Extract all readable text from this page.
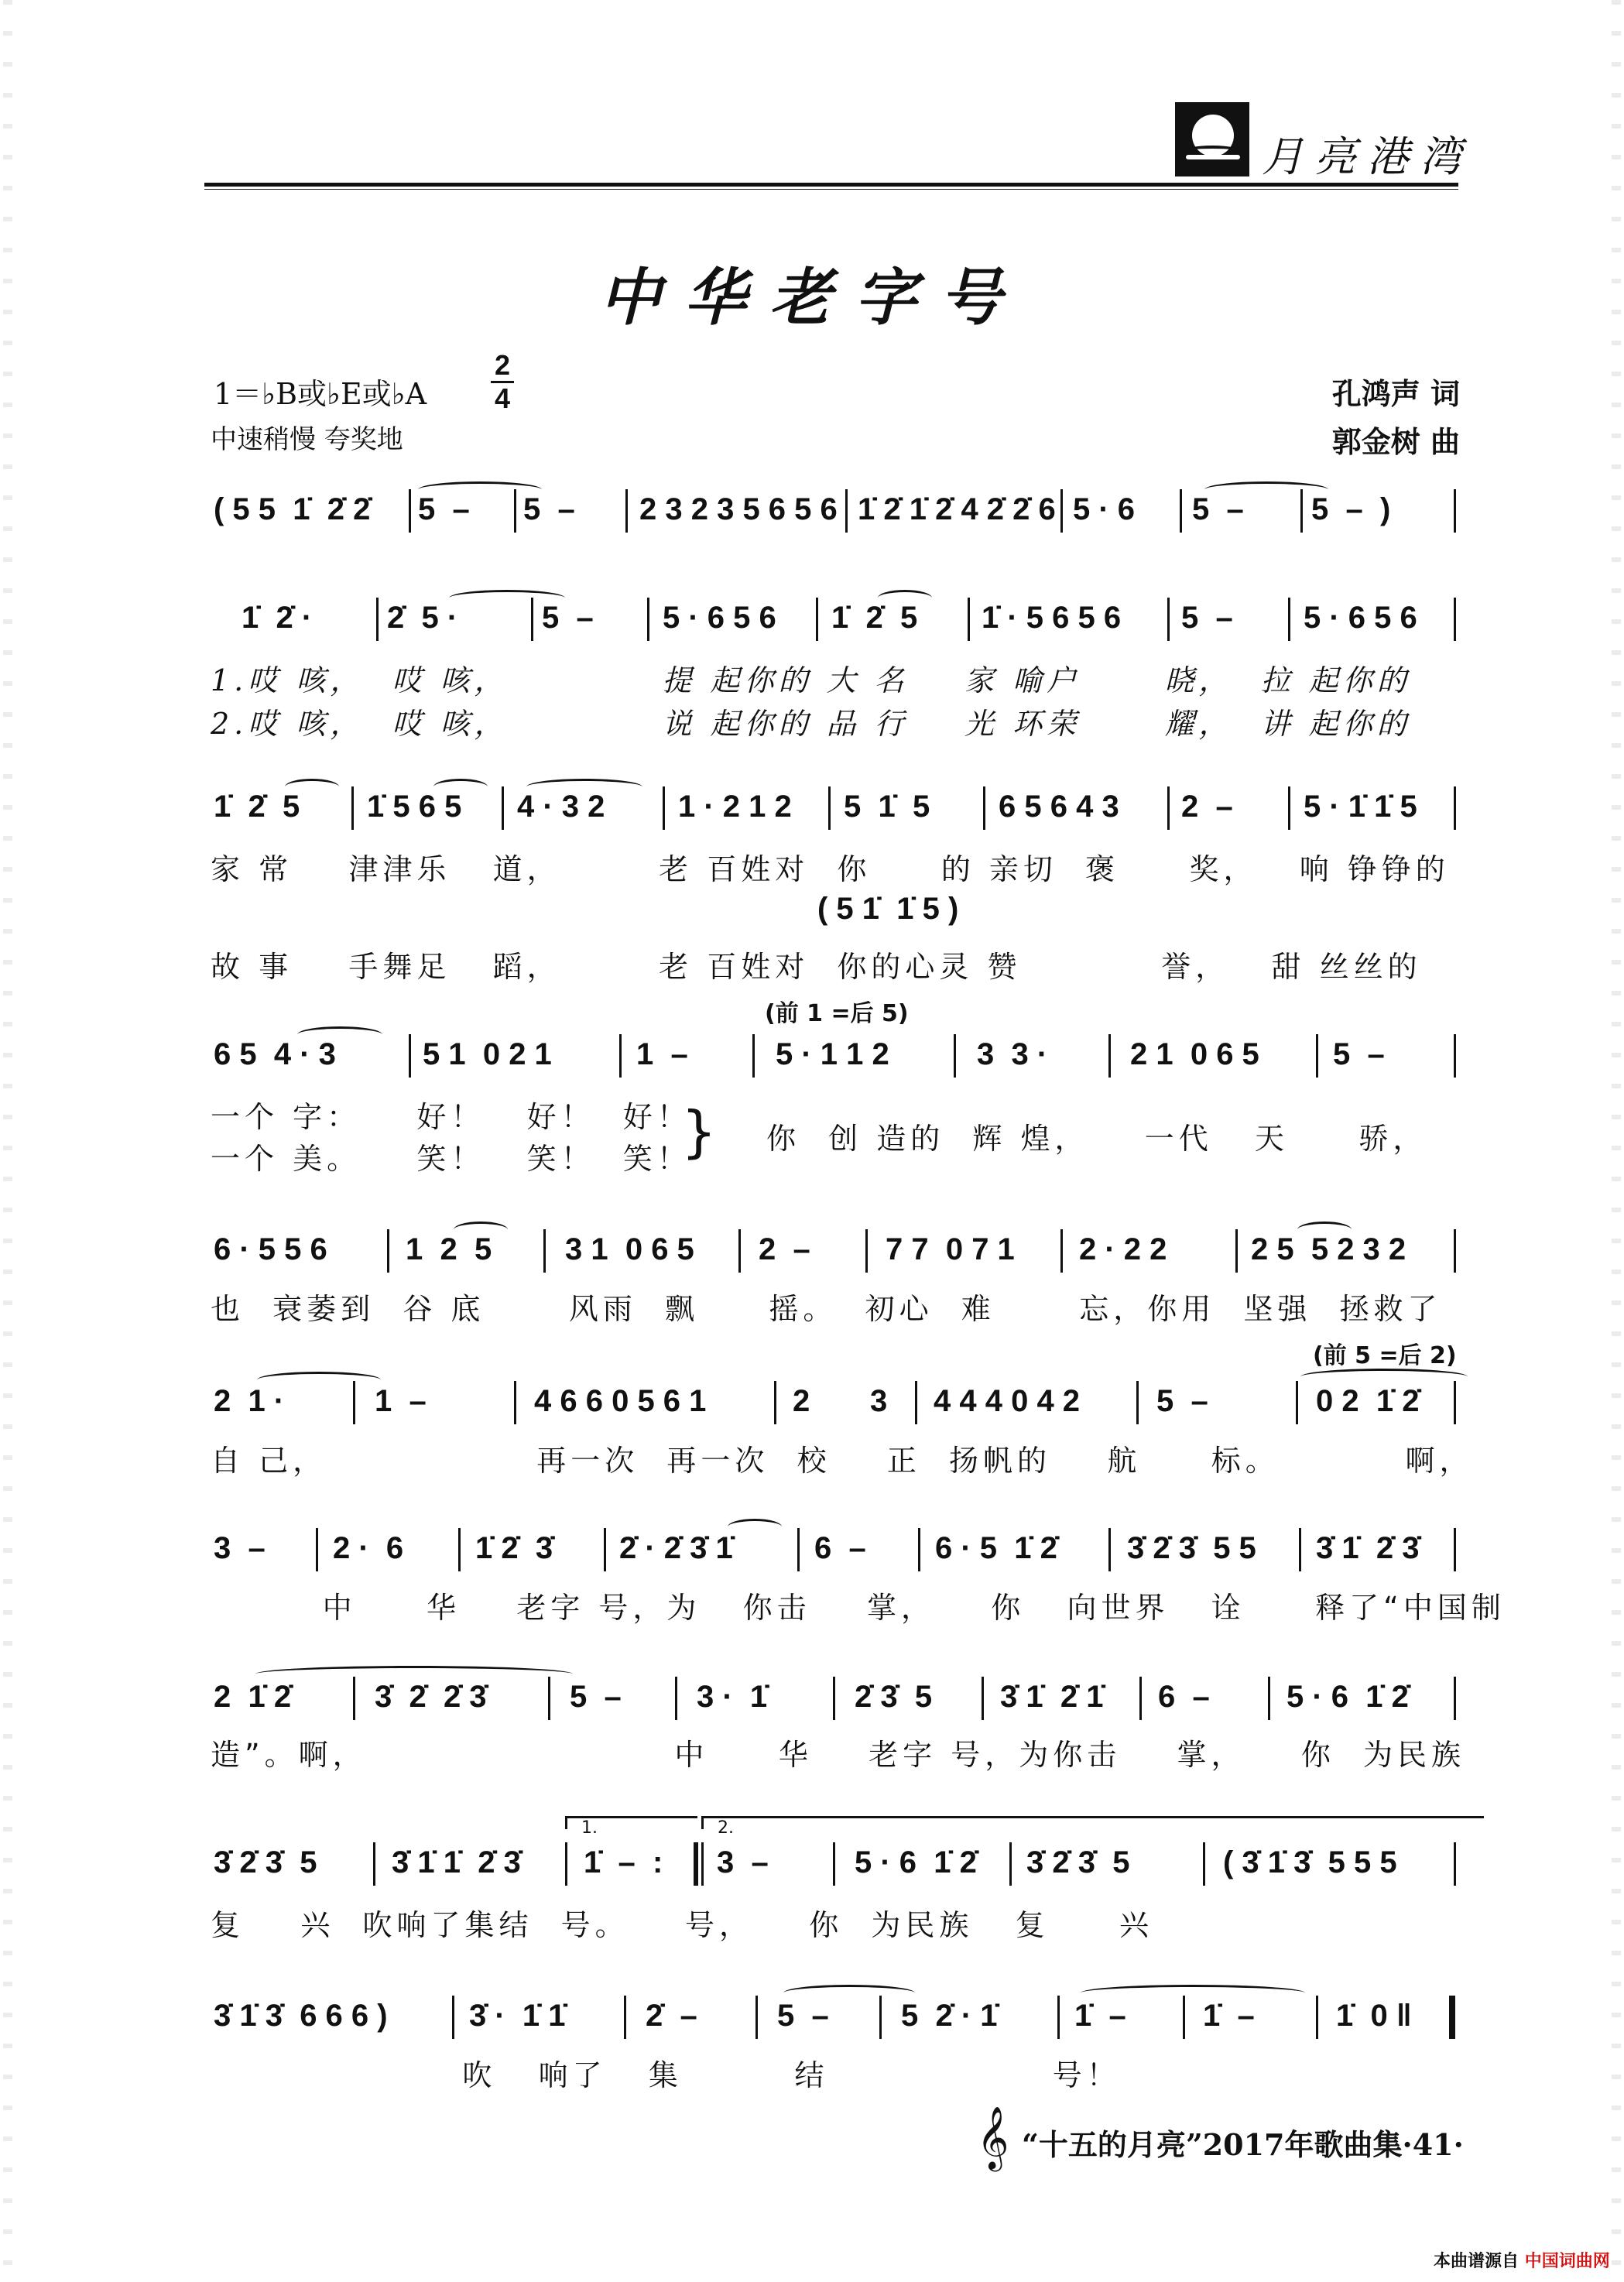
月亮港湾
中华老字号
1＝♭B或♭E或♭A
2
4
中速稍慢 夸奖地
孔鸿声 词
郭金树 曲
( 5 5  1̇  2̇ 2̇ 5  – 5  – 2 3 2 3 5 6 5 6 1̇ 2̇ 1̇ 2̇ 4 2̇ 2̇ 6 5 · 6 5  – 5  –  )
1̇  2̇ · 2̇  5 ·	5  – 5 · 6 5 6 1̇  2̇  5 1̇ · 5 6 5 6 5  – 5 · 6 5 6
1.哎 咳，  哎 咳，           提 起你的 大 名    家 喻户      晓，  拉 起你的
2.哎 咳，  哎 咳，           说 起你的 品 行    光 环荣      耀，  讲 起你的
1̇  2̇  5 1̇ 5 6 5 4 · 3 2 1 · 2 1 2 5  1̇  5 6 5 6 4 3 2  – 5 · 1̇ 1̇ 5
家 常    津津乐   道，       老 百姓对  你     的 亲切  褒     奖，   响 铮铮的
( 5 1̇  1̇ 5 )
故 事    手舞足   蹈，       老 百姓对  你的心灵 赞          誉，   甜 丝丝的
(前 1 =后 5)
6 5  4 · 3	5 1  0 2 1	1  –	5 · 1 1 2	3  3 ·	2 1  0 6 5 5  –
一个 字：    好！   好！  好！
一个 美。    笑！   笑！  笑！
} 你  创 造的  辉 煌，    一代   天     骄，
6 · 5 5 6	1  2  5 3 1  0 6 5 2  – 7 7  0 7 1 2 · 2 2	2 5  5 2 3 2
也  衰萎到  谷 底      风雨  飘     摇。  初心  难      忘，你用  坚强  拯救了
(前 5 =后 2)
2  1 ·	1  –	4 6 6 0 5 6 1	2 3 4 4 4 0 4 2 5  –	0 2  1̇ 2̇
自 己，               再一次  再一次  校    正  扬帆的    航     标。         啊，
3  – 2 ·  6 1̇ 2̇  3̇ 2̇ · 2̇ 3̇ 1̇	6  – 6 · 5  1̇ 2̇ 3̇ 2̇ 3̇  5 5 3̇ 1̇  2̇ 3̇
中     华    老字 号，为   你击    掌，    你   向世界   诠     释了“中国制
2  1̇ 2̇	3̇  2̇  2̇ 3̇	5  – 3 ·  1̇	2̇ 3̇  5 3̇ 1̇  2̇ 1̇ 6  – 5 · 6  1̇ 2̇
造”。啊，                      中     华    老字 号，为你击    掌，    你  为民族
1.	2.
3̇ 2̇ 3̇  5 3̇ 1̇ 1̇  2̇ 3̇ 1̇  –  : 3  –	5 · 6  1̇ 2̇ 3̇ 2̇ 3̇  5	( 3̇ 1̇ 3̇  5 5 5
复    兴  吹响了集结  号。    号，    你  为民族   复     兴
3̇ 1̇ 3̇  6 6 6 )	3̇ ·  1̇ 1̇	2̇  –	5  – 5  2̇ · 1̇ 1̇  – 1̇  –	1̇  0 ‖
吹   响了   集        结                号！
𝄞 “十五的月亮”2017年歌曲集·41·
本曲谱源自 中国词曲网
